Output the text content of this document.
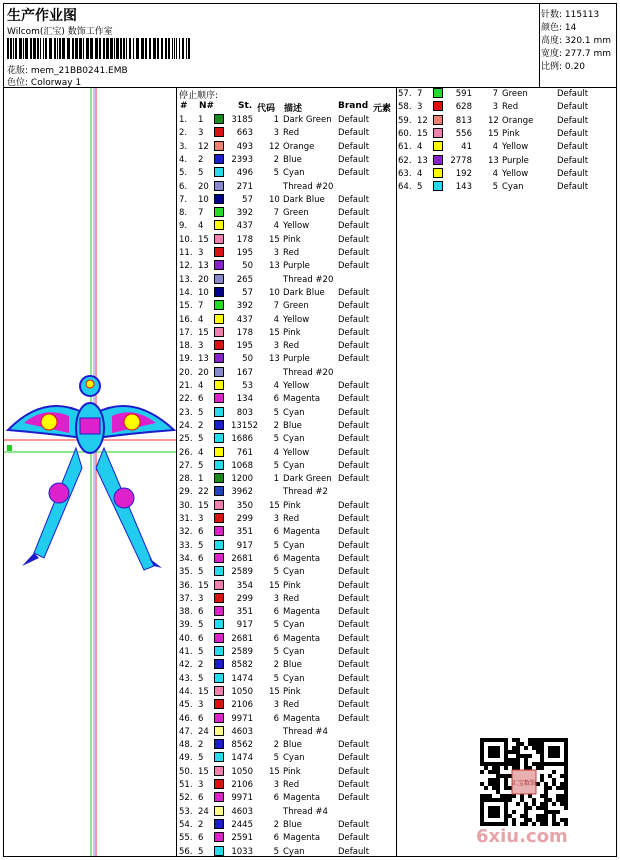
生产作业图
Wilcom(汇宝) 数饰工作室
花版: mem_21BB0241.EMB
色位: Colorway 1
针数: 115113
颜色: 14
高度: 320.1 mm
宽度: 277.7 mm
比例: 0.20
停止顺序:
# N#	St. 代码 描述	Brand 元素
1. 1	3185	1 Dark Green Default
2. 3	663	3 Red	Default
3. 12	493 12 Orange	Default
4. 2	2393	2 Blue	Default
5. 5	496	5 Cyan	Default
6. 20	271	Thread #20
7. 10	57 10 Dark Blue Default
8. 7	392	7 Green	Default
9. 4	437	4 Yellow	Default
10. 15	178 15 Pink	Default
11. 3	195	3 Red	Default
12. 13	50 13 Purple	Default
13. 20	265	Thread #20
14. 10	57 10 Dark Blue Default
15. 7	392	7 Green	Default
16. 4	437	4 Yellow	Default
17. 15	178 15 Pink	Default
18. 3	195	3 Red	Default
19. 13	50 13 Purple	Default
20. 20	167	Thread #20
21. 4	53	4 Yellow	Default
22. 6	134	6 Magenta Default
23. 5	803	5 Cyan	Default
24. 2	13152	2 Blue	Default
25. 5	1686	5 Cyan	Default
26. 4	761	4 Yellow	Default
27. 5	1068	5 Cyan	Default
28. 1	1200	1 Dark Green Default
29. 22	3962	Thread #2
30. 15	350 15 Pink	Default
31. 3	299	3 Red	Default
32. 6	351	6 Magenta Default
33. 5	917	5 Cyan	Default
34. 6	2681	6 Magenta Default
35. 5	2589	5 Cyan	Default
36. 15	354 15 Pink	Default
37. 3	299	3 Red	Default
38. 6	351	6 Magenta Default
39. 5	917	5 Cyan	Default
40. 6	2681	6 Magenta Default
41. 5	2589	5 Cyan	Default
42. 2	8582	2 Blue	Default
43. 5	1474	5 Cyan	Default
44. 15	1050 15 Pink	Default
45. 3	2106	3 Red	Default
46. 6	9971	6 Magenta Default
47. 24	4603	Thread #4
48. 2	8562	2 Blue	Default
49. 5	1474	5 Cyan	Default
50. 15	1050 15 Pink	Default
51. 3	2106	3 Red	Default
52. 6	9971	6 Magenta Default
53. 24	4603	Thread #4
54. 2	2445	2 Blue	Default
55. 6	2591	6 Magenta Default
56. 5	1033	5 Cyan	Default
57. 7	591	7 Green	Default
58. 3	628	3 Red	Default
59. 12	813 12 Orange	Default
60. 15	556 15 Pink	Default
61. 4	41	4 Yellow	Default
62. 13	2778 13 Purple	Default
63. 4	192	4 Yellow	Default
64. 5	143	5 Cyan	Default
汇宝数饰
6xiu.com
